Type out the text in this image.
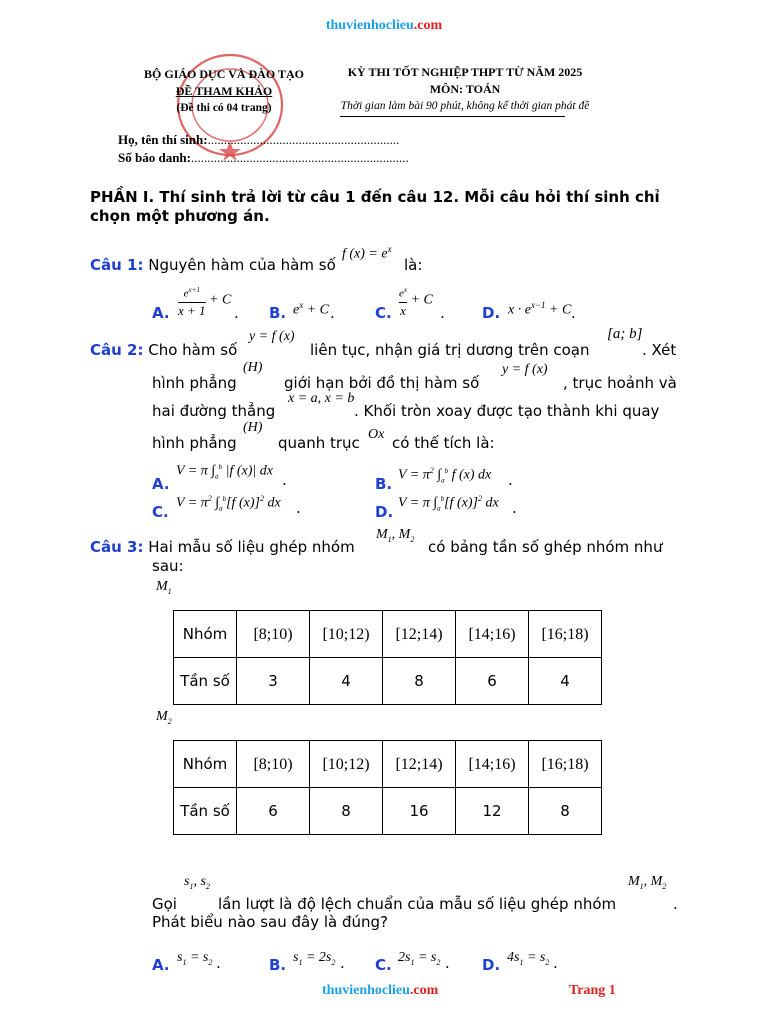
thuvienhoclieu.com
BỘ GIÁO DỤC VÀ ĐÀO TẠO
ĐỀ THAM KHẢO
(Đề thi có 04 trang)
KỲ THI TỐT NGHIỆP THPT TỪ NĂM 2025
MÔN: TOÁN
Thời gian làm bài 90 phút, không kể thời gian phát đề
Họ, tên thí sinh:...........................................................
Số báo danh:...................................................................
PHẦN I. Thí sinh trả lời từ câu 1 đến câu 12. Mỗi câu hỏi thí sinh chỉ chọn một phương án.
Câu 1: Nguyên hàm của hàm số
f $(x) = e^x$
là:
A.
$e^{x+1}$
x + 1
+ C
. B. $e^x + C$ .	C.
$e^x$
x
+ C
. D. $x \cdot e^{x-1} + C$ .
Câu 2: Cho hàm số
y = f (x)
liên tục, nhận giá trị dương trên coạn
[a; b]
. Xét
hình phẳng
(H)
giới hạn bởi đồ thị hàm số
y = f (x)
, trục hoảnh và
hai đường thẳng
x = a, x = b
. Khối tròn xoay được tạo thành khi quay
hình phẳng
(H)
quanh trục Ox có thế tích là:
A.
V = π $\int_a^b$ |f (x)| dx .	B. $V = \pi^2$ $\int_a^b$ f (x) dx .
C. $V = \pi^2$ $\int_a^b[f$ (x)]$^2$ dx .	D. V = π $\int_a^b[f$ (x)]$^2$ dx .
Câu 3: Hai mẫu số liệu ghép nhóm
$M_1$, $M_2$ có bảng tần số ghép nhóm như
sau:
$M_1$
Nhóm	[8;10)	[10;12)	[12;14)	[14;16)	[16;18)
Tần số	3	4	8	6	4
$M_2$
Nhóm	[8;10)	[10;12)	[12;14)	[14;16)	[16;18)
Tần số	6	8	16	12	8
$s_1$, $s_2$	$M_1$, $M_2$
Gọi	lần lượt là độ lệch chuẩn của mẫu số liệu ghép nhóm	.
Phát biểu nào sau đây là đúng?
A. $s_1 = s_2$ .	B. $s_1 = 2s_2$ . C. $2s_1 = s_2$ . D. $4s_1 = s_2$ .
thuvienhoclieu.com	Trang 1
